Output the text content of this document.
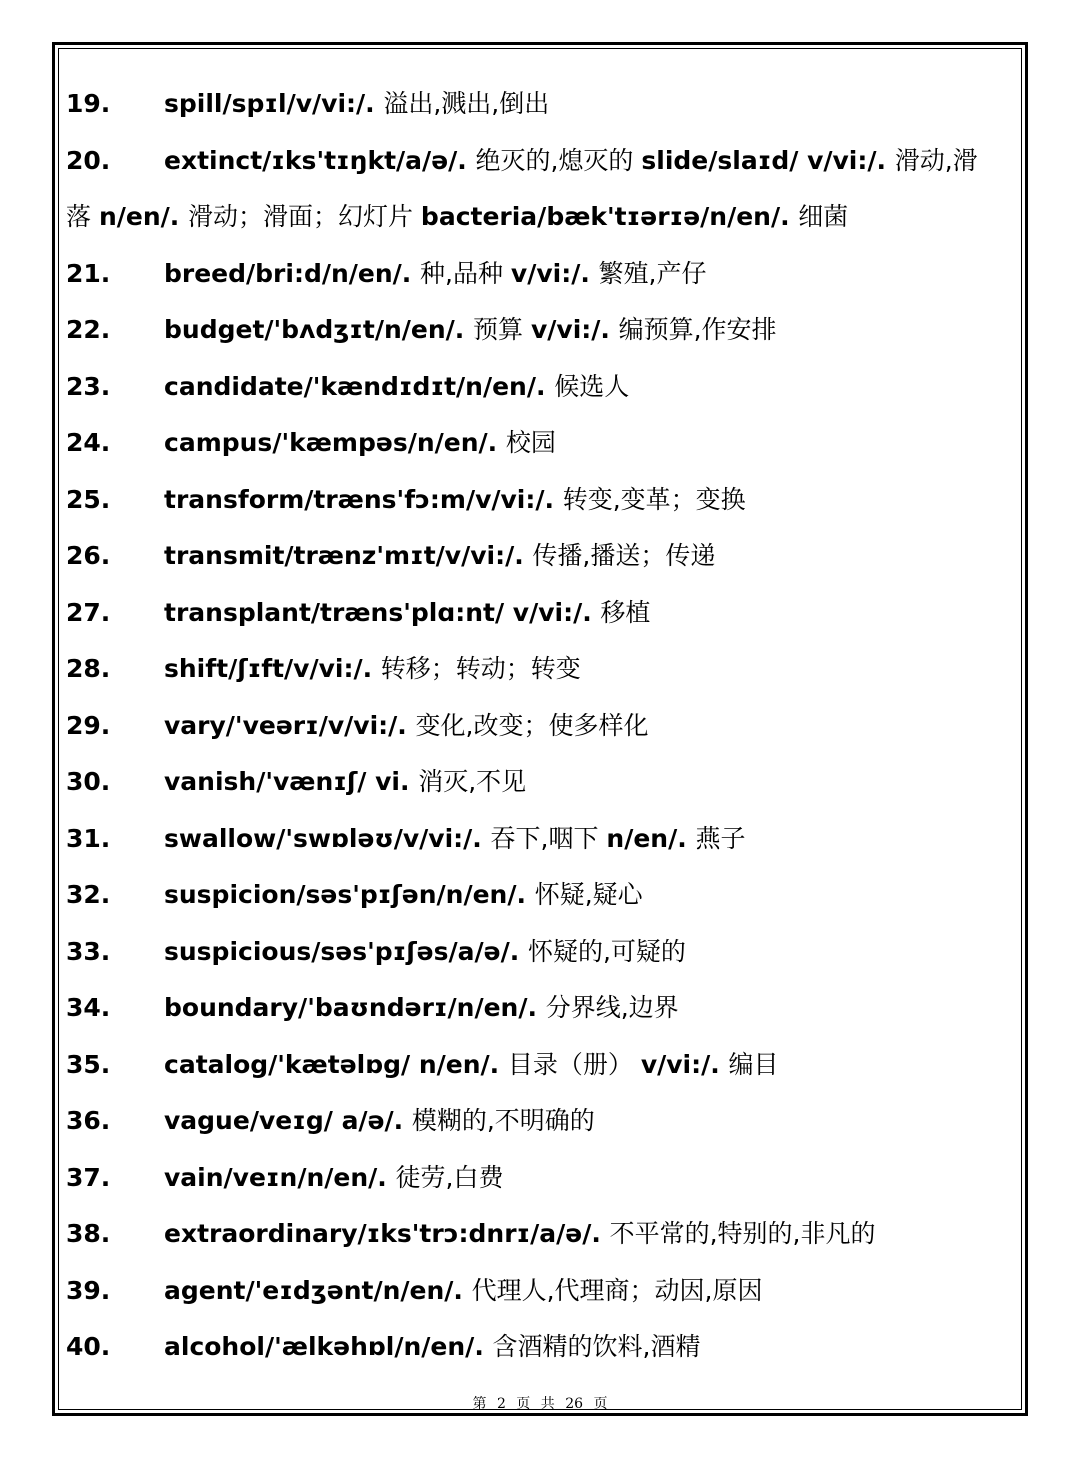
19. spill/spɪl/v/vi:/. 溢出,溅出,倒出
20. extinct/ɪks'tɪŋkt/a/ə/. 绝灭的,熄灭的 slide/slaɪd/ v/vi:/. 滑动,滑
落 n/en/. 滑动；滑面；幻灯片 bacteria/bæk'tɪərɪə/n/en/. 细菌
21. breed/bri:d/n/en/. 种,品种 v/vi:/. 繁殖,产仔
22. budget/'bʌdʒɪt/n/en/. 预算 v/vi:/. 编预算,作安排
23. candidate/'kændɪdɪt/n/en/. 候选人
24. campus/'kæmpəs/n/en/. 校园
25. transform/træns'fɔ:m/v/vi:/. 转变,变革；变换
26. transmit/trænz'mɪt/v/vi:/. 传播,播送；传递
27. transplant/træns'plɑ:nt/ v/vi:/. 移植
28. shift/ʃɪft/v/vi:/. 转移；转动；转变
29. vary/'veərɪ/v/vi:/. 变化,改变；使多样化
30. vanish/'vænɪʃ/ vi. 消灭,不见
31. swallow/'swɒləʊ/v/vi:/. 吞下,咽下 n/en/. 燕子
32. suspicion/səs'pɪʃən/n/en/. 怀疑,疑心
33. suspicious/səs'pɪʃəs/a/ə/. 怀疑的,可疑的
34. boundary/'baʊndərɪ/n/en/. 分界线,边界
35. catalog/'kætəlɒg/ n/en/. 目录（册） v/vi:/. 编目
36. vague/veɪg/ a/ə/. 模糊的,不明确的
37. vain/veɪn/n/en/. 徒劳,白费
38. extraordinary/ɪks'trɔ:dnrɪ/a/ə/. 不平常的,特别的,非凡的
39. agent/'eɪdʒənt/n/en/. 代理人,代理商；动因,原因
40. alcohol/'ælkəhɒl/n/en/. 含酒精的饮料,酒精
第 2 页 共 26 页
